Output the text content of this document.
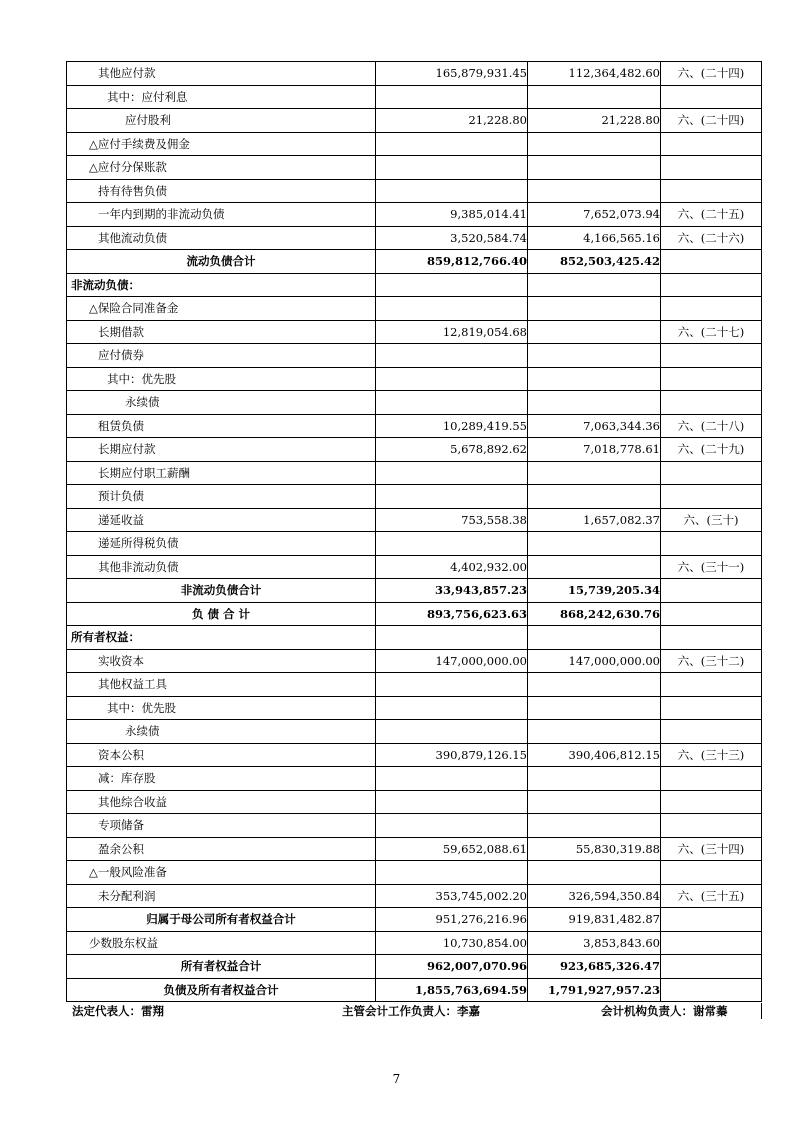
其他应付款	165,879,931.45	112,364,482.60	六、(二十四)
其中：应付利息			
应付股利	21,228.80	21,228.80	六、(二十四)
△应付手续费及佣金			
△应付分保账款			
持有待售负债			
一年内到期的非流动负债	9,385,014.41	7,652,073.94	六、(二十五)
其他流动负债	3,520,584.74	4,166,565.16	六、(二十六)
流动负债合计	859,812,766.40	852,503,425.42	
非流动负债：			
△保险合同准备金			
长期借款	12,819,054.68		六、(二十七)
应付债券			
其中：优先股			
永续债			
租赁负债	10,289,419.55	7,063,344.36	六、(二十八)
长期应付款	5,678,892.62	7,018,778.61	六、(二十九)
长期应付职工薪酬			
预计负债			
递延收益	753,558.38	1,657,082.37	六、(三十)
递延所得税负债			
其他非流动负债	4,402,932.00		六、(三十一)
非流动负债合计	33,943,857.23	15,739,205.34	
负 债 合 计	893,756,623.63	868,242,630.76	
所有者权益：			
实收资本	147,000,000.00	147,000,000.00	六、(三十二)
其他权益工具			
其中：优先股			
永续债			
资本公积	390,879,126.15	390,406,812.15	六、(三十三)
减：库存股			
其他综合收益			
专项储备			
盈余公积	59,652,088.61	55,830,319.88	六、(三十四)
△一般风险准备			
未分配利润	353,745,002.20	326,594,350.84	六、(三十五)
归属于母公司所有者权益合计	951,276,216.96	919,831,482.87	
少数股东权益	10,730,854.00	3,853,843.60	
所有者权益合计	962,007,070.96	923,685,326.47	
负债及所有者权益合计	1,855,763,694.59	1,791,927,957.23	
法定代表人：雷翔	主管会计工作负责人：李嘉	会计机构负责人：谢常蓁
7
